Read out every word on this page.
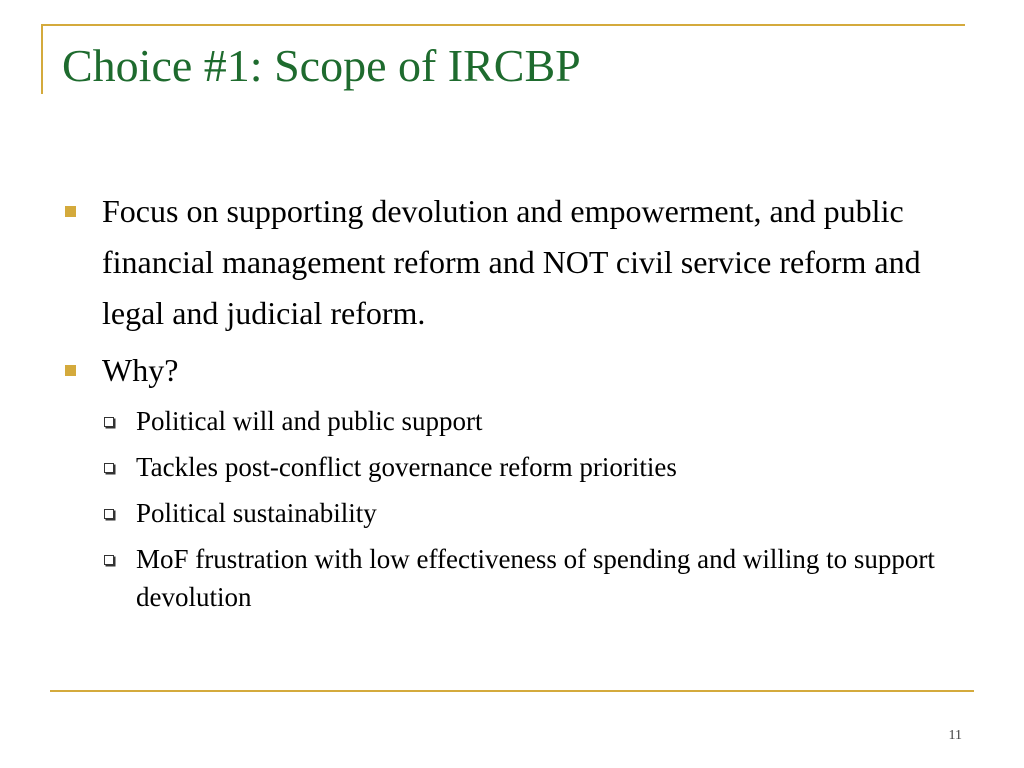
Choice #1: Scope of IRCBP
Focus on supporting devolution and empowerment, and public financial management reform and NOT civil service reform and legal and judicial reform.
Why?
Political will and public support
Tackles post-conflict governance reform priorities
Political sustainability
MoF frustration with low effectiveness of spending and willing to support devolution
11
